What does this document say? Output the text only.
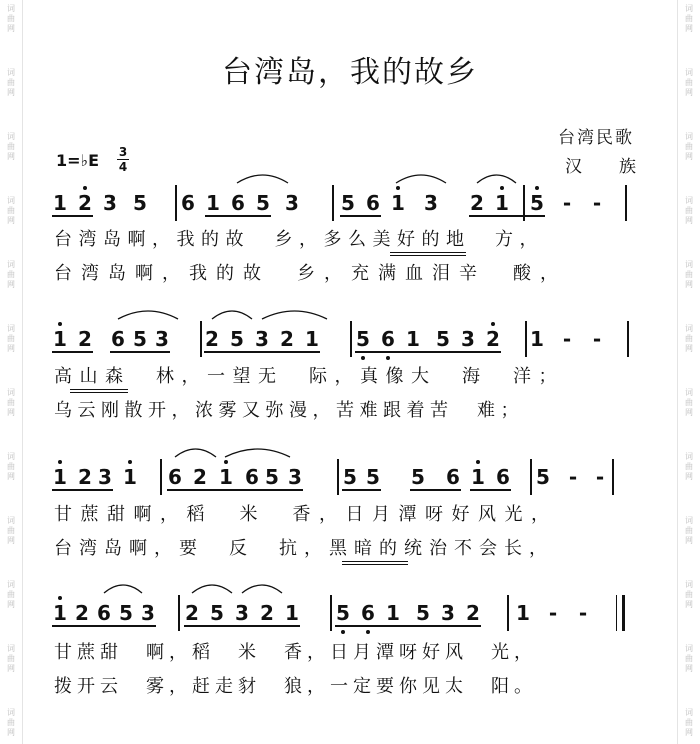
词
曲
网
词
曲
网
词
曲
网
词
曲
网
词
曲
网
词
曲
网
词
曲
网
词
曲
网
词
曲
网
词
曲
网
词
曲
网
词
曲
网
词
曲
网
词
曲
网
词
曲
网
词
曲
网
词
曲
网
词
曲
网
词
曲
网
词
曲
网
词
曲
网
词
曲
网
词
曲
网
词
曲
网
台湾岛，我的故乡
台湾民歌
汉　族
1=♭E 3
4
台湾岛啊，我的故　乡，多么美好的地　方，
台湾岛啊，我的故　乡，充满血泪辛　酸，
高山森　林，一望无　际，真像大　海　洋；
乌云刚散开，浓雾又弥漫，苦难跟着苦　难；
甘蔗甜啊，稻　米　香，日月潭呀好风光，
台湾岛啊，要　反　抗，黑暗的统治不会长，
甘蔗甜　啊，稻　米　香，日月潭呀好风　光，
拨开云　雾，赶走豺　狼，一定要你见太　阳。
1 2 3 5 6 1 6 5 3 5 6 1 3 2 1 5 - -
1 2 6 5 3 2 5 3 2 1 5 6 1 5 3 2 1 - -
1 2 3 1 6 2 1 6 5 3 5 5 5 6 1 6 5 - -
1 2 6 5 3 2 5 3 2 1 5 6 1 5 3 2 1 - -
